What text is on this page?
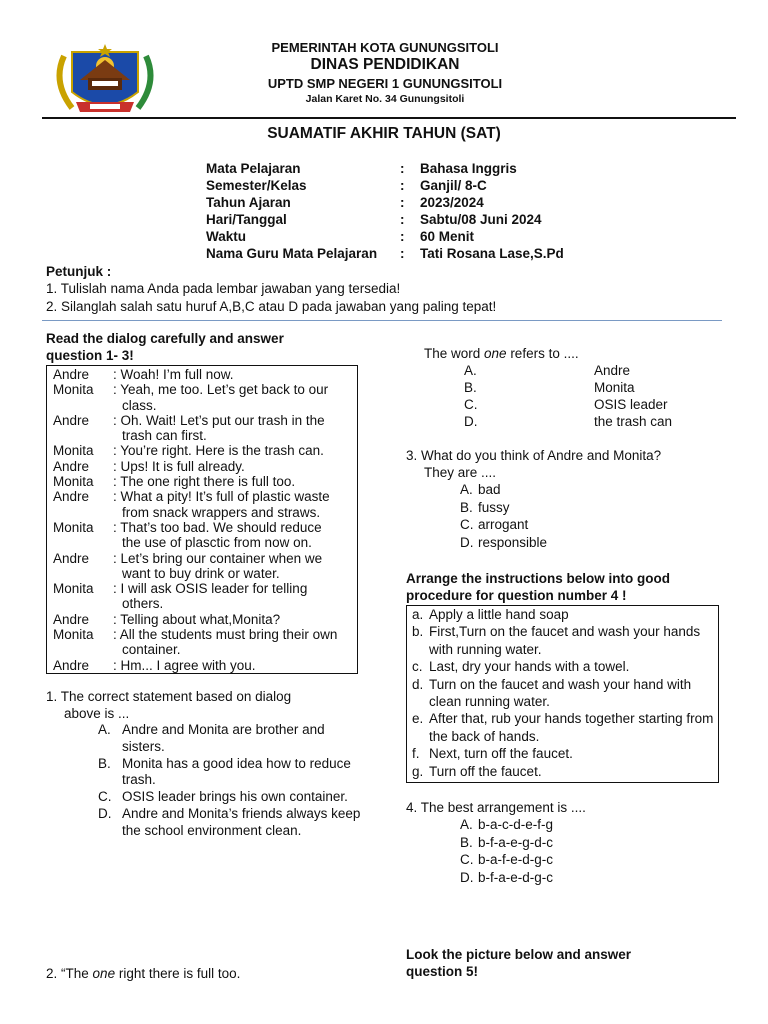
PEMERINTAH KOTA GUNUNGSITOLI
DINAS PENDIDIKAN
UPTD SMP NEGERI 1 GUNUNGSITOLI
Jalan Karet No. 34 Gunungsitoli
SUAMATIF AKHIR TAHUN (SAT)
Mata Pelajaran	:	Bahasa Inggris
Semester/Kelas	:	Ganjil/ 8-C
Tahun Ajaran	:	2023/2024
Hari/Tanggal	:	Sabtu/08 Juni 2024
Waktu	:	60 Menit
Nama Guru Mata Pelajaran	:	Tati Rosana Lase,S.Pd
Petunjuk :
1. Tulislah nama Anda pada lembar jawaban yang tersedia!
2. Silanglah salah satu huruf A,B,C atau D pada jawaban yang paling tepat!
Read the dialog carefully and answer
question 1- 3!
Andre	: Woah! I’m full now.
Monita	: Yeah, me too. Let’s get back to our class.
Andre	: Oh. Wait! Let’s put our trash in the trash can first.
Monita	: You’re right. Here is the trash can.
Andre	: Ups! It is full already.
Monita	: The one right there is full too.
Andre	: What a pity! It’s full of plastic waste from snack wrappers and straws.
Monita	: That’s too bad. We should reduce the use of plasctic from now on.
Andre	: Let’s bring our container when we want to buy drink or water.
Monita	: I will ask OSIS leader for telling others.
Andre	: Telling about what,Monita?
Monita	: All the students must bring their own container.
Andre	: Hm... I agree with you.
1. The correct statement based on dialog
above is ...
A. Andre and Monita are brother and sisters.
B. Monita has a good idea how to reduce trash.
C. OSIS leader brings his own container.
D. Andre and Monita’s friends always keep the school environment clean.
2. “The one right there is full too.
The word one refers to ....
A.	Andre
B.	Monita
C.	OSIS leader
D.	the trash can
3. What do you think of Andre and Monita?
They are ....
A. bad
B. fussy
C. arrogant
D. responsible
Arrange the instructions below into good
procedure for question number 4 !
a. Apply a little hand soap
b. First,Turn on the faucet and wash your hands with running water.
c. Last, dry your hands with a towel.
d. Turn on the faucet and wash your hand with clean running water.
e. After that, rub your hands together starting from the back of hands.
f. Next, turn off the faucet.
g. Turn off the faucet.
4. The best arrangement is ....
A. b-a-c-d-e-f-g
B. b-f-a-e-g-d-c
C. b-a-f-e-d-g-c
D. b-f-a-e-d-g-c
Look the picture below and answer
question 5!
